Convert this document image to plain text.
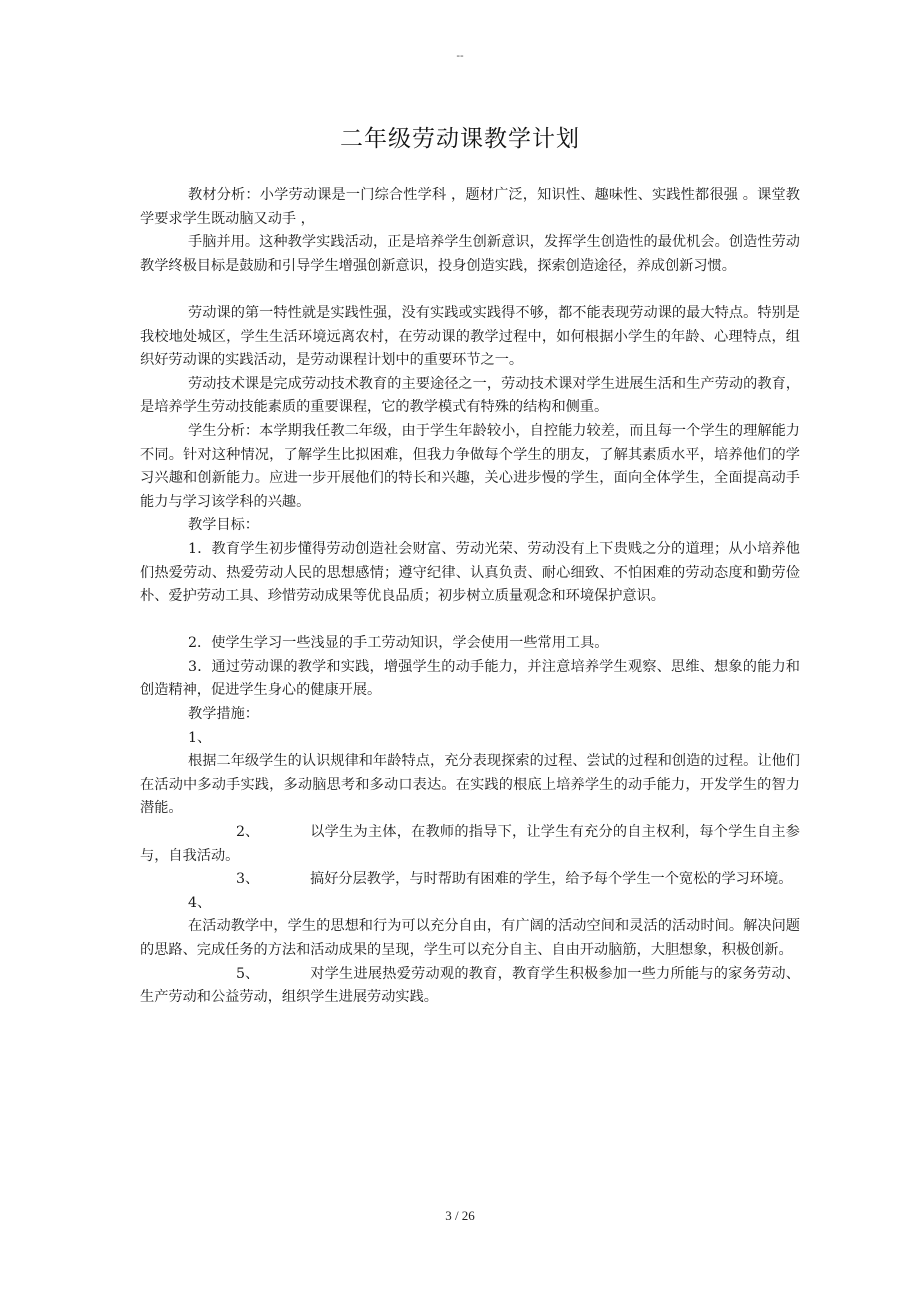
--
二年级劳动课教学计划

教材分析：小学劳动课是一门综合性学科 ，题材广泛，知识性、趣味性、实践性都很强 。课堂教学要求学生既动脑又动手 ，

手脑并用。这种教学实践活动，正是培养学生创新意识，发挥学生创造性的最优机会。创造性劳动教学终极目标是鼓励和引导学生增强创新意识，投身创造实践，探索创造途径，养成创新习惯。

劳动课的第一特性就是实践性强，没有实践或实践得不够，都不能表现劳动课的最大特点。特别是我校地处城区，学生生活环境远离农村，在劳动课的教学过程中，如何根据小学生的年龄、心理特点，组织好劳动课的实践活动，是劳动课程计划中的重要环节之一。

劳动技术课是完成劳动技术教育的主要途径之一，劳动技术课对学生进展生活和生产劳动的教育，是培养学生劳动技能素质的重要课程，它的教学模式有特殊的结构和侧重。

学生分析：本学期我任教二年级，由于学生年龄较小，自控能力较差，而且每一个学生的理解能力不同。针对这种情况，了解学生比拟困难，但我力争做每个学生的朋友，了解其素质水平，培养他们的学习兴趣和创新能力。应进一步开展他们的特长和兴趣，关心进步慢的学生，面向全体学生，全面提高动手能力与学习该学科的兴趣。

教学目标：

1．教育学生初步懂得劳动创造社会财富、劳动光荣、劳动没有上下贵贱之分的道理；从小培养他们热爱劳动、热爱劳动人民的思想感情；遵守纪律、认真负责、耐心细致、不怕困难的劳动态度和勤劳俭朴、爱护劳动工具、珍惜劳动成果等优良品质；初步树立质量观念和环境保护意识。

2．使学生学习一些浅显的手工劳动知识，学会使用一些常用工具。

3．通过劳动课的教学和实践，增强学生的动手能力，并注意培养学生观察、思维、想象的能力和创造精神，促进学生身心的健康开展。

教学措施：

1、

根据二年级学生的认识规律和年龄特点，充分表现探索的过程、尝试的过程和创造的过程。让他们在活动中多动手实践，多动脑思考和多动口表达。在实践的根底上培养学生的动手能力，开发学生的智力潜能。

2、	以学生为主体，在教师的指导下，让学生有充分的自主权利，每个学生自主参与，自我活动。

3、	搞好分层教学，与时帮助有困难的学生，给予每个学生一个宽松的学习环境。

4、

在活动教学中，学生的思想和行为可以充分自由，有广阔的活动空间和灵活的活动时间。解决问题的思路、完成任务的方法和活动成果的呈现，学生可以充分自主、自由开动脑筋，大胆想象，积极创新。

5、	对学生进展热爱劳动观的教育，教育学生积极参加一些力所能与的家务劳动、生产劳动和公益劳动，组织学生进展劳动实践。

3 / 26
